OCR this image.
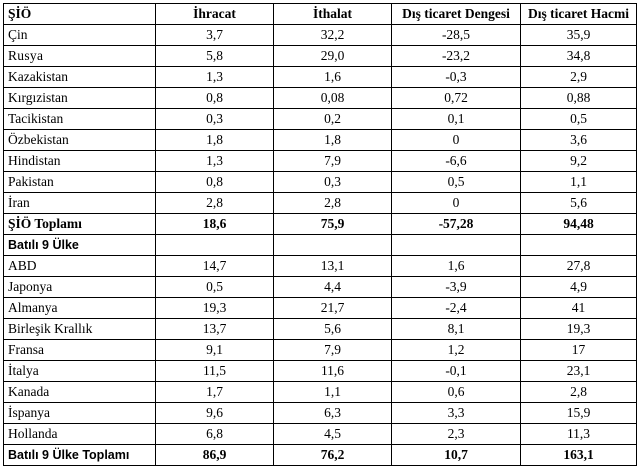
ŞİÖ	İhracat	İthalat	Dış ticaret Dengesi	Dış ticaret Hacmi
Çin	3,7	32,2	-28,5	35,9
Rusya	5,8	29,0	-23,2	34,8
Kazakistan	1,3	1,6	-0,3	2,9
Kırgızistan	0,8	0,08	0,72	0,88
Tacikistan	0,3	0,2	0,1	0,5
Özbekistan	1,8	1,8	0	3,6
Hindistan	1,3	7,9	-6,6	9,2
Pakistan	0,8	0,3	0,5	1,1
İran	2,8	2,8	0	5,6
ŞİÖ Toplamı	18,6	75,9	-57,28	94,48
Batılı 9 Ülke				
ABD	14,7	13,1	1,6	27,8
Japonya	0,5	4,4	-3,9	4,9
Almanya	19,3	21,7	-2,4	41
Birleşik Krallık	13,7	5,6	8,1	19,3
Fransa	9,1	7,9	1,2	17
İtalya	11,5	11,6	-0,1	23,1
Kanada	1,7	1,1	0,6	2,8
İspanya	9,6	6,3	3,3	15,9
Hollanda	6,8	4,5	2,3	11,3
Batılı 9 Ülke Toplamı	86,9	76,2	10,7	163,1
